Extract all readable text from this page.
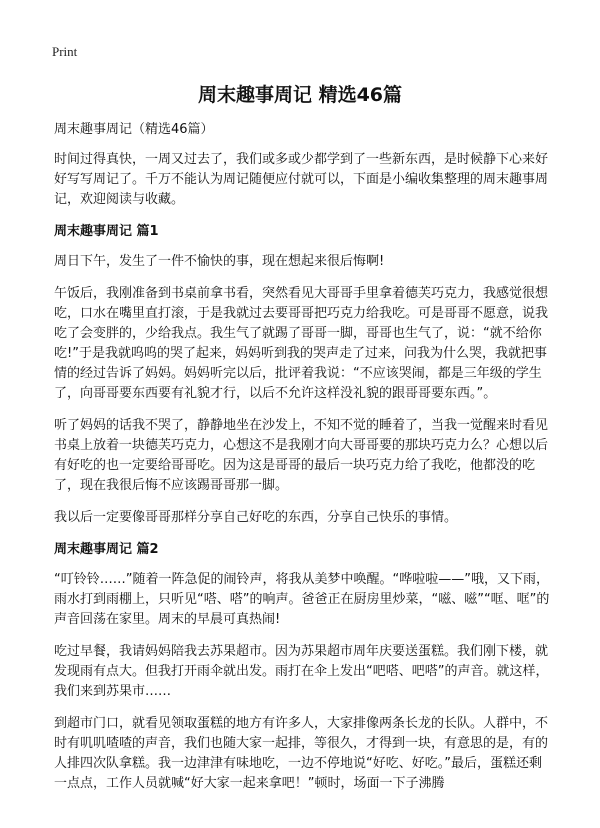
Print
周末趣事周记 精选46篇

周末趣事周记（精选46篇）

时间过得真快，一周又过去了，我们或多或少都学到了一些新东西，是时候静下心来好好写写周记了。千万不能认为周记随便应付就可以，下面是小编收集整理的周末趣事周记，欢迎阅读与收藏。

周末趣事周记 篇1

周日下午，发生了一件不愉快的事，现在想起来很后悔啊!

午饭后，我刚准备到书桌前拿书看，突然看见大哥哥手里拿着德芙巧克力，我感觉很想吃，口水在嘴里直打滚，于是我就过去要哥哥把巧克力给我吃。可是哥哥不愿意，说我吃了会变胖的，少给我点。我生气了就踢了哥哥一脚，哥哥也生气了，说：“就不给你吃!”于是我就呜呜的哭了起来，妈妈听到我的哭声走了过来，问我为什么哭，我就把事情的经过告诉了妈妈。妈妈听完以后，批评着我说：“不应该哭闹，都是三年级的学生了，向哥哥要东西要有礼貌才行，以后不允许这样没礼貌的跟哥哥要东西。”。

听了妈妈的话我不哭了，静静地坐在沙发上，不知不觉的睡着了，当我一觉醒来时看见书桌上放着一块德芙巧克力，心想这不是我刚才向大哥哥要的那块巧克力么？心想以后有好吃的也一定要给哥哥吃。因为这是哥哥的最后一块巧克力给了我吃，他都没的吃了，现在我很后悔不应该踢哥哥那一脚。

我以后一定要像哥哥那样分享自己好吃的东西，分享自己快乐的事情。

周末趣事周记 篇2

“叮铃铃……”随着一阵急促的闹铃声，将我从美梦中唤醒。“哗啦啦——”哦，又下雨，雨水打到雨棚上，只听见“嗒、嗒”的响声。爸爸正在厨房里炒菜，“嗞、嗞”“哐、哐”的声音回荡在家里。周末的早晨可真热闹!

吃过早餐，我请妈妈陪我去苏果超市。因为苏果超市周年庆要送蛋糕。我们刚下楼，就发现雨有点大。但我打开雨伞就出发。雨打在伞上发出“吧嗒、吧嗒”的声音。就这样，我们来到苏果市……

到超市门口，就看见领取蛋糕的地方有许多人，大家排像两条长龙的长队。人群中，不时有叽叽喳喳的声音，我们也随大家一起排，等很久，才得到一块，有意思的是，有的人排四次队拿糕。我一边津津有味地吃，一边不停地说“好吃、好吃。”最后，蛋糕还剩一点点，工作人员就喊“好大家一起来拿吧！”顿时，场面一下子沸腾
